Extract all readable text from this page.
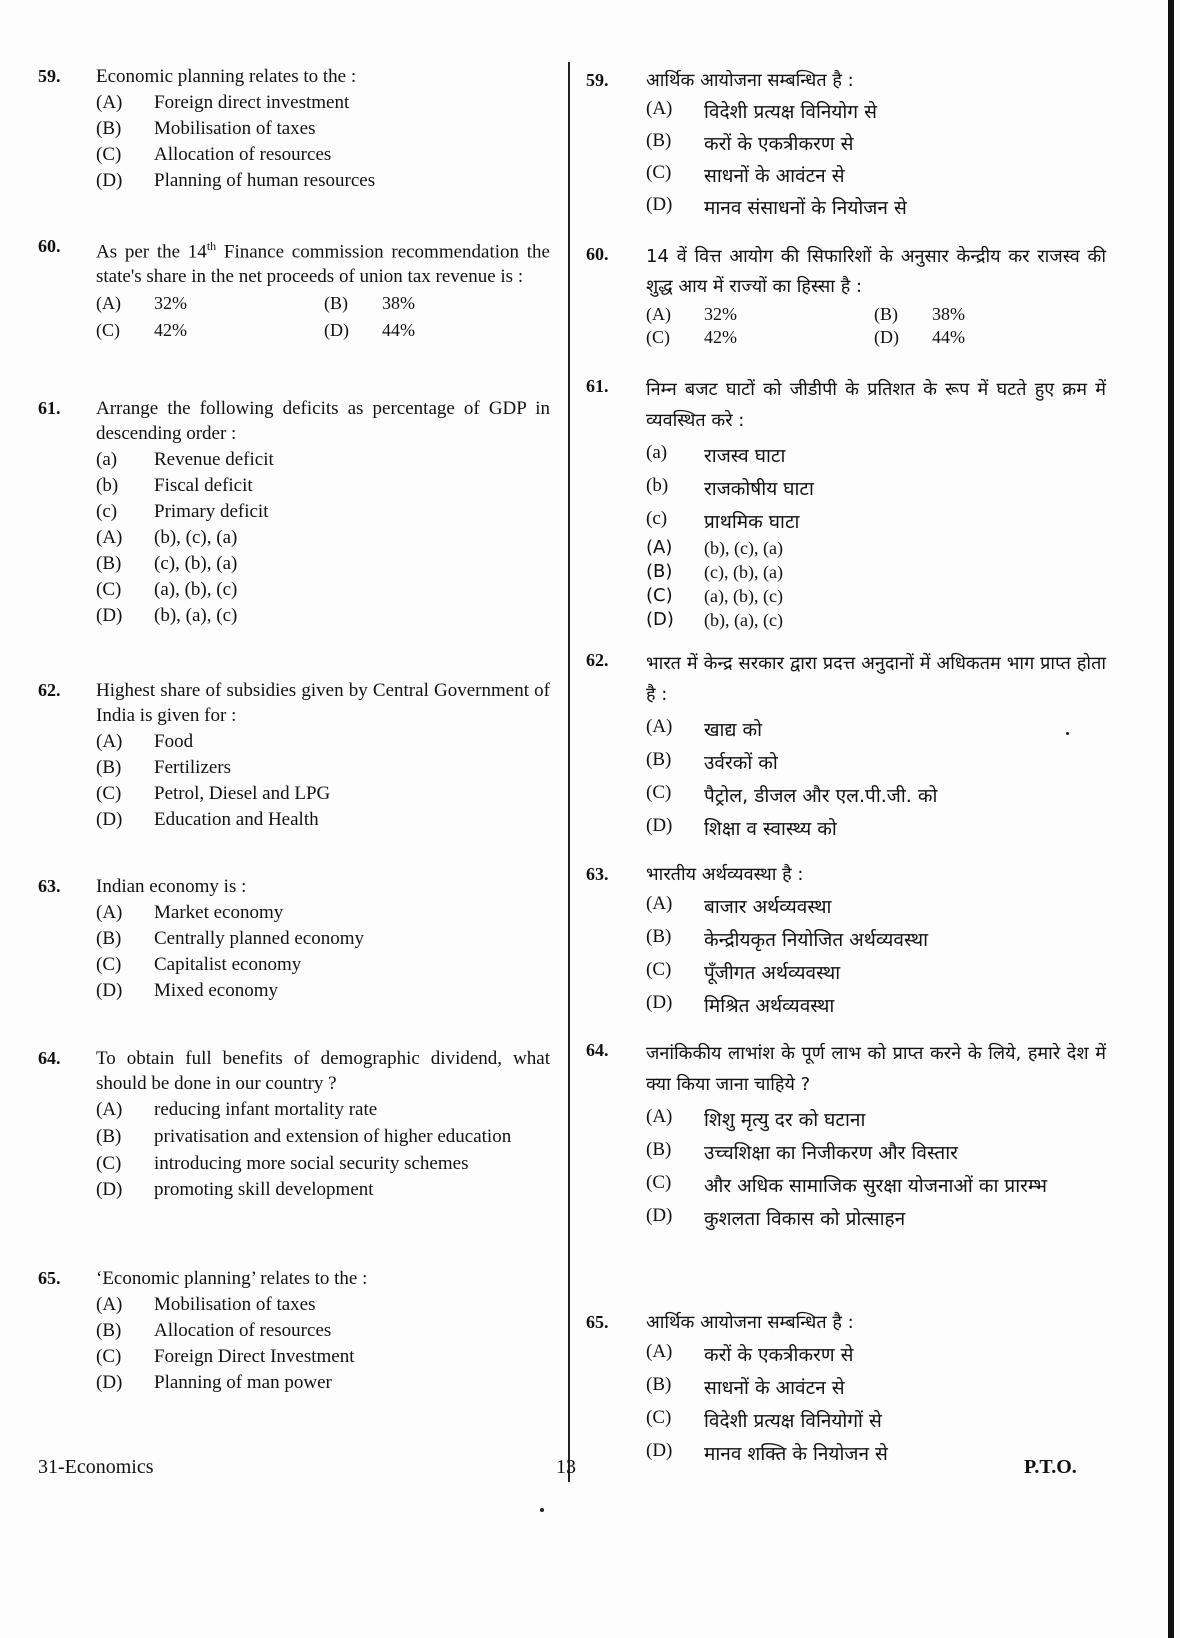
59.	Economic planning relates to the :
(A)	Foreign direct investment
(B)	Mobilisation of taxes
(C)	Allocation of resources
(D)	Planning of human resources
60.	As per the 14th Finance commission recommendation the state's share in the net proceeds of union tax revenue is :
(A)	32%	(B)	38%
(C)	42%	(D)	44%
61.	Arrange the following deficits as percentage of GDP in descending order :
(a)	Revenue deficit
(b)	Fiscal deficit
(c)	Primary deficit
(A)	(b), (c), (a)
(B)	(c), (b), (a)
(C)	(a), (b), (c)
(D)	(b), (a), (c)
62.	Highest share of subsidies given by Central Government of India is given for :
(A)	Food
(B)	Fertilizers
(C)	Petrol, Diesel and LPG
(D)	Education and Health
63.	Indian economy is :
(A)	Market economy
(B)	Centrally planned economy
(C)	Capitalist economy
(D)	Mixed economy
64.	To obtain full benefits of demographic dividend, what should be done in our country ?
(A)	reducing infant mortality rate
(B)	privatisation and extension of higher education
(C)	introducing more social security schemes
(D)	promoting skill development
65.	‘Economic planning’ relates to the :
(A)	Mobilisation of taxes
(B)	Allocation of resources
(C)	Foreign Direct Investment
(D)	Planning of man power
59.	आर्थिक आयोजना सम्बन्धित है :
(A)	विदेशी प्रत्यक्ष विनियोग से
(B)	करों के एकत्रीकरण से
(C)	साधनों के आवंटन से
(D)	मानव संसाधनों के नियोजन से
60.	14 वें वित्त आयोग की सिफारिशों के अनुसार केन्द्रीय कर राजस्व की शुद्ध आय में राज्यों का हिस्सा है :
(A)	32%	(B)	38%
(C)	42%	(D)	44%
61.	निम्न बजट घाटों को जीडीपी के प्रतिशत के रूप में घटते हुए क्रम में व्यवस्थित करे :
(a)	राजस्व घाटा
(b)	राजकोषीय घाटा
(c)	प्राथमिक घाटा
(A)	(b), (c), (a)
(B)	(c), (b), (a)
(C)	(a), (b), (c)
(D)	(b), (a), (c)
62.	भारत में केन्द्र सरकार द्वारा प्रदत्त अनुदानों में अधिकतम भाग प्राप्त होता है :
(A)	खाद्य को
(B)	उर्वरकों को
(C)	पैट्रोल, डीजल और एल.पी.जी. को
(D)	शिक्षा व स्वास्थ्य को
63.	भारतीय अर्थव्यवस्था है :
(A)	बाजार अर्थव्यवस्था
(B)	केन्द्रीयकृत नियोजित अर्थव्यवस्था
(C)	पूँजीगत अर्थव्यवस्था
(D)	मिश्रित अर्थव्यवस्था
64.	जनांकिकीय लाभांश के पूर्ण लाभ को प्राप्त करने के लिये, हमारे देश में क्या किया जाना चाहिये ?
(A)	शिशु मृत्यु दर को घटाना
(B)	उच्चशिक्षा का निजीकरण और विस्तार
(C)	और अधिक सामाजिक सुरक्षा योजनाओं का प्रारम्भ
(D)	कुशलता विकास को प्रोत्साहन
65.	आर्थिक आयोजना सम्बन्धित है :
(A)	करों के एकत्रीकरण से
(B)	साधनों के आवंटन से
(C)	विदेशी प्रत्यक्ष विनियोगों से
(D)	मानव शक्ति के नियोजन से
31-Economics	13	P.T.O.
